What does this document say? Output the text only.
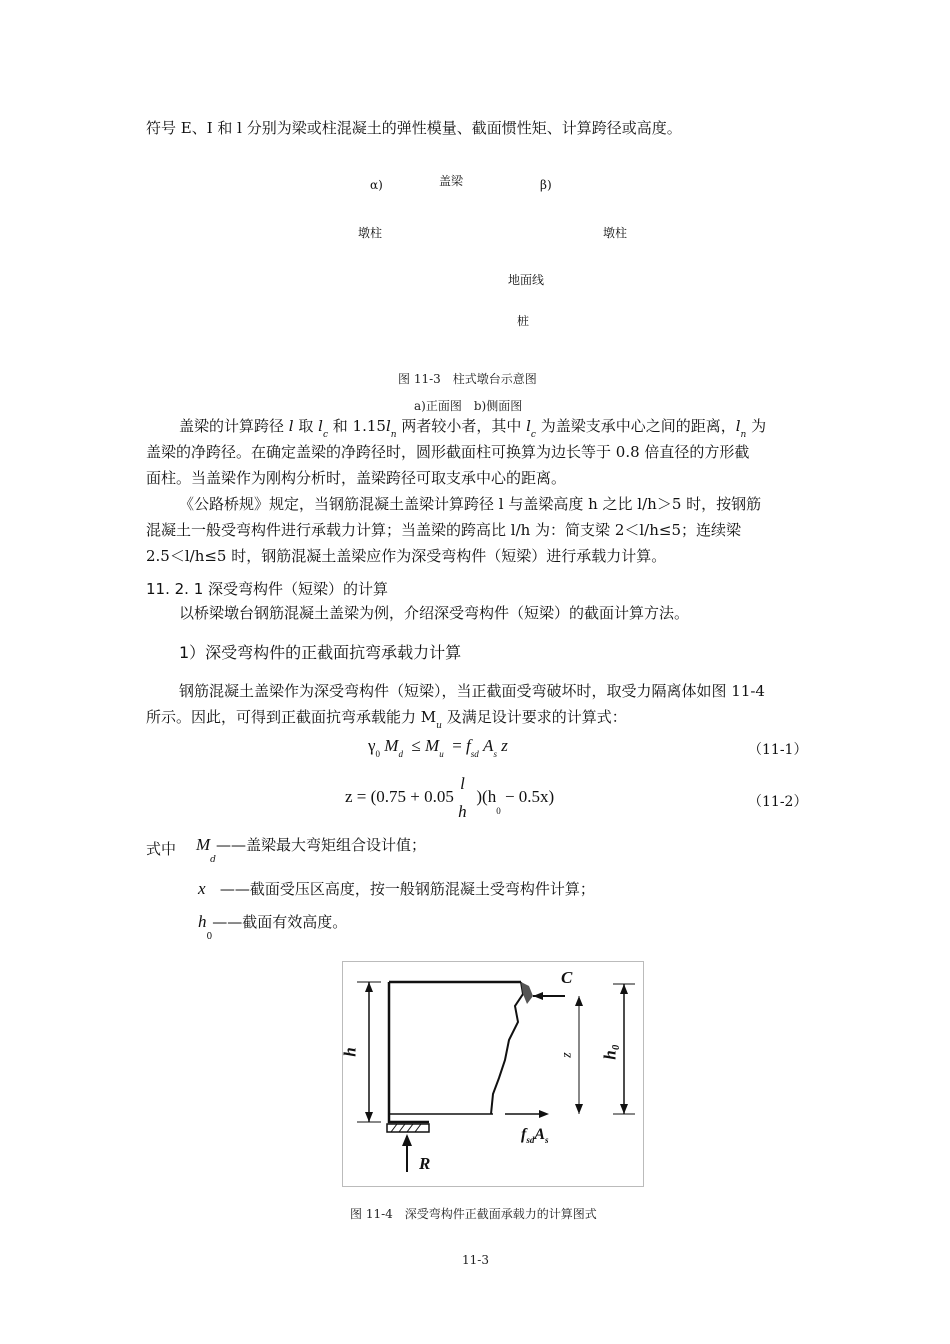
符号 E、I 和 l 分别为梁或柱混凝土的弹性模量、截面惯性矩、计算跨径或高度。
α)	盖梁	β)
墩柱	墩柱
地面线
桩
图 11-3　柱式墩台示意图
a)正面图　b)侧面图
盖梁的计算跨径 l 取 $l_c$ 和 $1.15l_n$ 两者较小者，其中 $l_c$ 为盖梁支承中心之间的距离，$l_n$ 为
盖梁的净跨径。在确定盖梁的净跨径时，圆形截面柱可换算为边长等于 0.8 倍直径的方形截
面柱。当盖梁作为刚构分析时，盖梁跨径可取支承中心的距离。
《公路桥规》规定，当钢筋混凝土盖梁计算跨径 l 与盖梁高度 h 之比 l/h＞5 时，按钢筋
混凝土一般受弯构件进行承载力计算；当盖梁的跨高比 l/h 为：简支梁 2＜l/h≤5；连续梁
2.5＜l/h≤5 时，钢筋混凝土盖梁应作为深受弯构件（短梁）进行承载力计算。
11. 2. 1 深受弯构件（短梁）的计算
以桥梁墩台钢筋混凝土盖梁为例，介绍深受弯构件（短梁）的截面计算方法。
1）深受弯构件的正截面抗弯承载力计算
钢筋混凝土盖梁作为深受弯构件（短梁），当正截面受弯破坏时，取受力隔离体如图 11-4
所示。因此，可得到正截面抗弯承载能力 $M_u$ 及满足设计要求的计算式：
$\gamma_0$ $M_d \le M_u = f_{sd}$ $A_s$ z	（11-1）
z = (0.75 + 0.05
l
h
)$(h_0 - 0.5x)$	（11-2）
式中 $M_d——$盖梁最大弯矩组合设计值；
x ——截面受压区高度，按一般钢筋混凝土受弯构件计算；
$h_0——$截面有效高度。
C
h	z h₀
$f_{sd}A_s$
R
图 11-4　深受弯构件正截面承载力的计算图式
11-3
